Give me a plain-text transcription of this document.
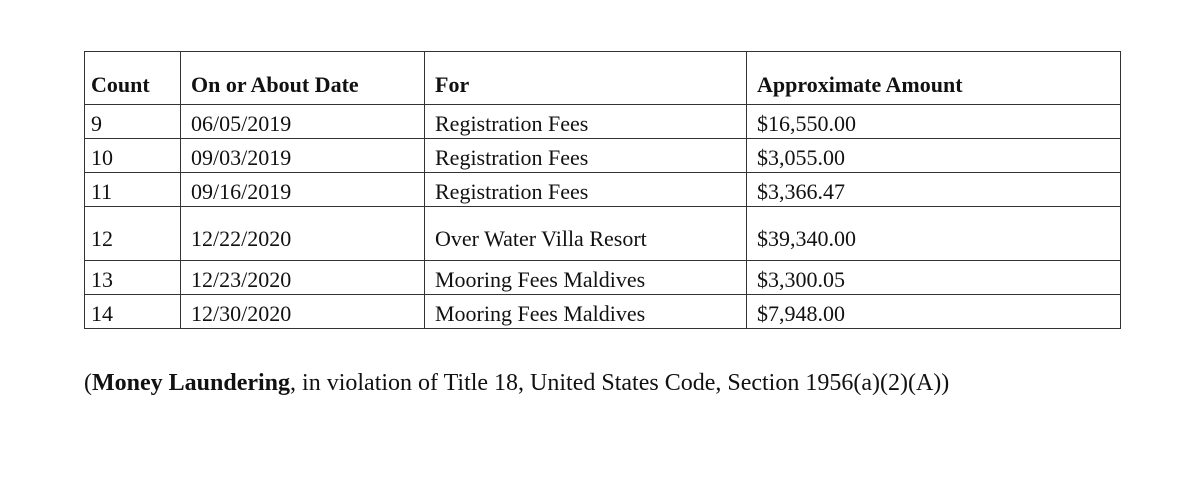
Count	On or About Date	For	Approximate Amount
9	06/05/2019	Registration Fees	$16,550.00
10	09/03/2019	Registration Fees	$3,055.00
11	09/16/2019	Registration Fees	$3,366.47
12	12/22/2020	Over Water Villa Resort	$39,340.00
13	12/23/2020	Mooring Fees Maldives	$3,300.05
14	12/30/2020	Mooring Fees Maldives	$7,948.00
(Money Laundering, in violation of Title 18, United States Code, Section 1956(a)(2)(A))
